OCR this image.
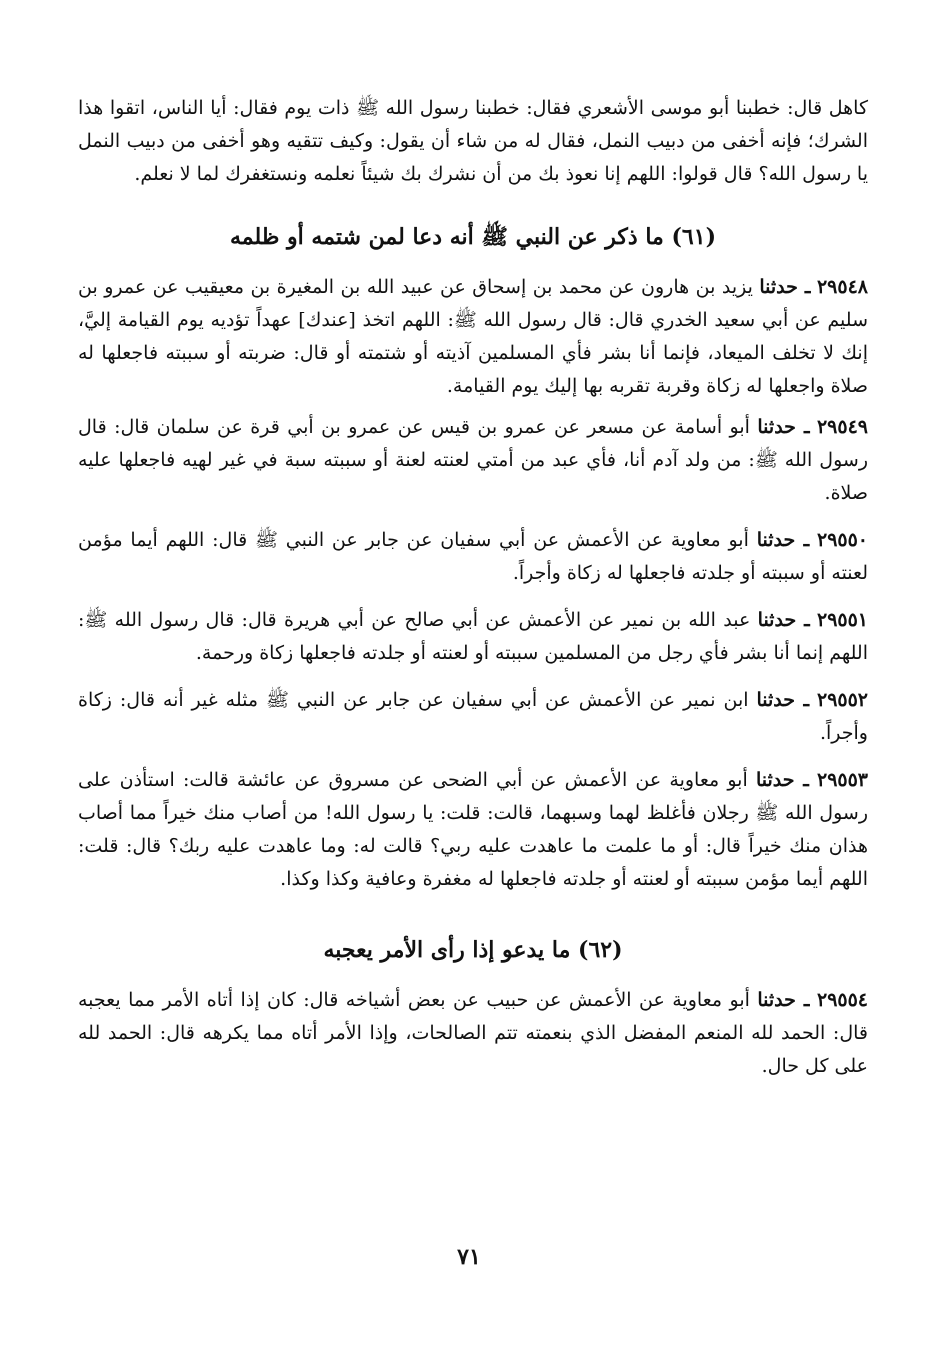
كاهل قال: خطبنا أبو موسى الأشعري فقال: خطبنا رسول الله ﷺ ذات يوم فقال: أيا الناس، اتقوا هذا الشرك؛ فإنه أخفى من دبيب النمل، فقال له من شاء أن يقول: وكيف تتقيه وهو أخفى من دبيب النمل يا رسول الله؟ قال قولوا: اللهم إنا نعوذ بك من أن نشرك بك شيئاً نعلمه ونستغفرك لما لا نعلم.

(٦١) ما ذكر عن النبي ﷺ أنه دعا لمن شتمه أو ظلمه

٢٩٥٤٨ ـ حدثنا يزيد بن هارون عن محمد بن إسحاق عن عبيد الله بن المغيرة بن معيقيب عن عمرو بن سليم عن أبي سعيد الخدري قال: قال رسول الله ﷺ: اللهم اتخذ [عندك] عهداً تؤديه يوم القيامة إليَّ، إنك لا تخلف الميعاد، فإنما أنا بشر فأي المسلمين آذيته أو شتمته أو قال: ضربته أو سببته فاجعلها له صلاة واجعلها له زكاة وقربة تقربه بها إليك يوم القيامة.

٢٩٥٤٩ ـ حدثنا أبو أسامة عن مسعر عن عمرو بن قيس عن عمرو بن أبي قرة عن سلمان قال: قال رسول الله ﷺ: من ولد آدم أنا، فأي عبد من أمتي لعنته لعنة أو سببته سبة في غير لهيه فاجعلها عليه صلاة.

٢٩٥٥٠ ـ حدثنا أبو معاوية عن الأعمش عن أبي سفيان عن جابر عن النبي ﷺ قال: اللهم أيما مؤمن لعنته أو سببته أو جلدته فاجعلها له زكاة وأجراً.

٢٩٥٥١ ـ حدثنا عبد الله بن نمير عن الأعمش عن أبي صالح عن أبي هريرة قال: قال رسول الله ﷺ: اللهم إنما أنا بشر فأي رجل من المسلمين سببته أو لعنته أو جلدته فاجعلها زكاة ورحمة.

٢٩٥٥٢ ـ حدثنا ابن نمير عن الأعمش عن أبي سفيان عن جابر عن النبي ﷺ مثله غير أنه قال: زكاة وأجراً.

٢٩٥٥٣ ـ حدثنا أبو معاوية عن الأعمش عن أبي الضحى عن مسروق عن عائشة قالت: استأذن على رسول الله ﷺ رجلان فأغلظ لهما وسبهما، قالت: قلت: يا رسول الله! من أصاب منك خيراً مما أصاب هذان منك خيراً قال: أو ما علمت ما عاهدت عليه ربي؟ قالت له: وما عاهدت عليه ربك؟ قال: قلت: اللهم أيما مؤمن سببته أو لعنته أو جلدته فاجعلها له مغفرة وعافية وكذا وكذا.

(٦٢) ما يدعو إذا رأى الأمر يعجبه

٢٩٥٥٤ ـ حدثنا أبو معاوية عن الأعمش عن حبيب عن بعض أشياخه قال: كان إذا أتاه الأمر مما يعجبه قال: الحمد لله المنعم المفضل الذي بنعمته تتم الصالحات، وإذا الأمر أتاه مما يكرهه قال: الحمد لله على كل حال.

٧١
